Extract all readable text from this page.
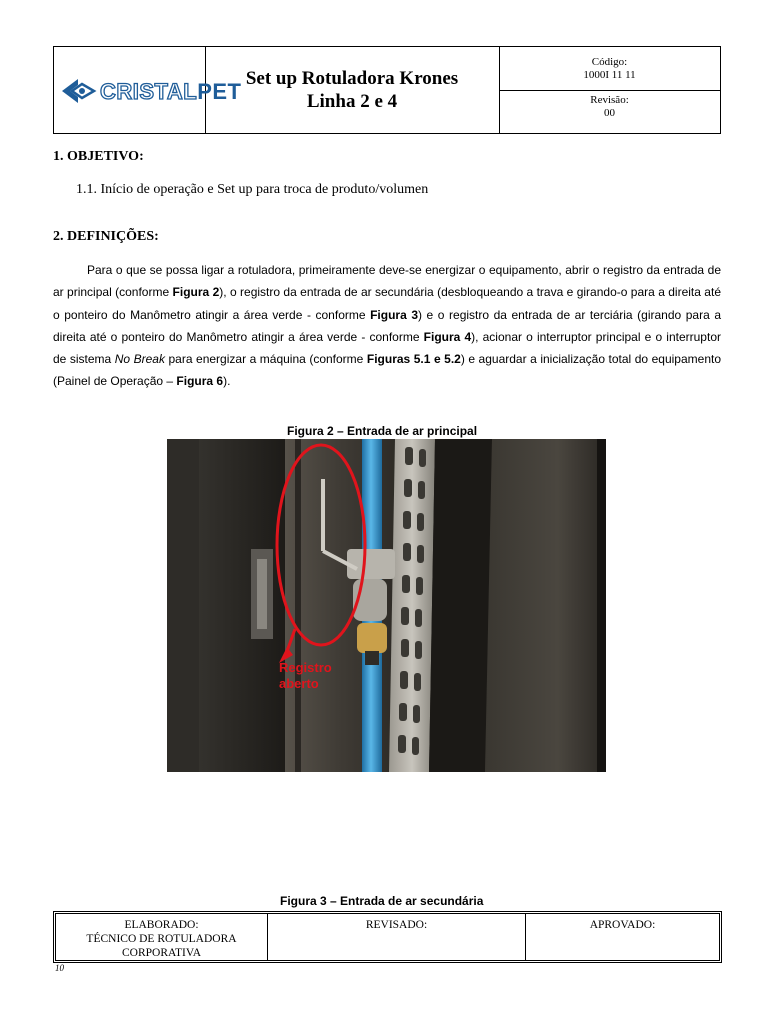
CRISTALPET
Set up Rotuladora Krones
Linha 2 e 4
Código:
1000I 11 11
Revisão:
00
1. OBJETIVO:
1.1. Início de operação e Set up para troca de produto/volumen
2. DEFINIÇÕES:
Para o que se possa ligar a rotuladora, primeiramente deve-se energizar o equipamento, abrir o registro da entrada de ar principal (conforme Figura 2), o registro da entrada de ar secundária (desbloqueando a trava e girando-o para a direita até o ponteiro do Manômetro atingir a área verde - conforme Figura 3) e o registro da entrada de ar terciária (girando para a direita até o ponteiro do Manômetro atingir a área verde - conforme Figura 4), acionar o interruptor principal e o interruptor de sistema No Break para energizar a máquina (conforme Figuras 5.1 e 5.2) e aguardar a inicialização total do equipamento (Painel de Operação – Figura 6).
Figura 2 – Entrada de ar principal
Registro
aberto
Figura 3 – Entrada de ar secundária
ELABORADO:
TÉCNICO DE ROTULADORA
CORPORATIVA
REVISADO:	APROVADO:
10
